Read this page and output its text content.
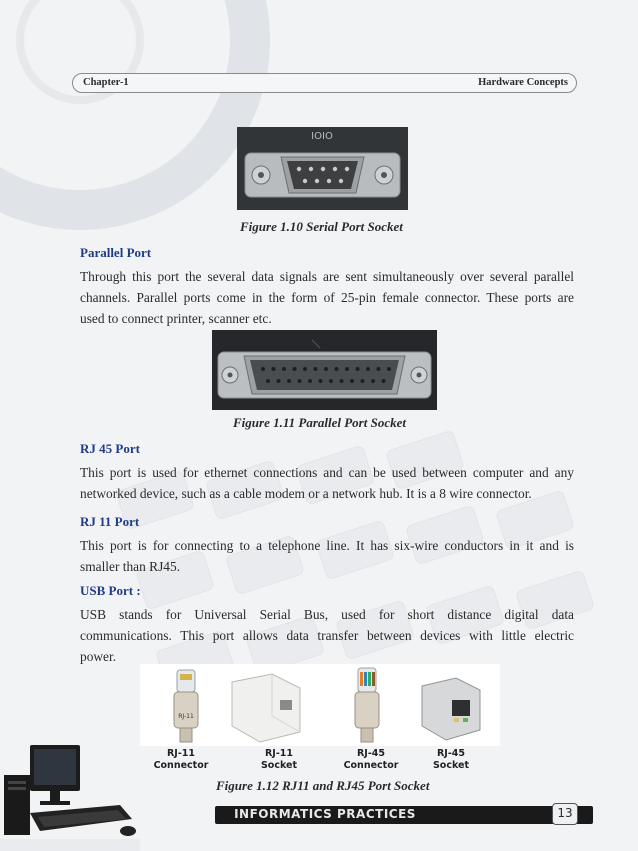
Chapter-1	Hardware Concepts
IOIO
Figure 1.10 Serial Port Socket
Parallel Port
Through this port the several data signals are sent simultaneously over several parallel
channels. Parallel ports come in the form of 25-pin female connector. These ports are
used to connect printer, scanner etc.
Figure 1.11 Parallel Port Socket
RJ 45 Port
This port is used for ethernet connections and can be used between computer and any
networked device, such as a cable modem or a network hub. It is a 8 wire connector.
RJ 11 Port
This port is for connecting to a telephone line. It has six-wire conductors in it and is
smaller than RJ45.
USB Port :
USB stands for Universal Serial Bus, used for short distance digital data
communications. This port allows data transfer between devices with little electric
power.
RJ-11
RJ-11
Connector
RJ-11
Socket
RJ-45
Connector
RJ-45
Socket
Figure 1.12 RJ11 and RJ45 Port Socket
INFORMATICS PRACTICES	13
